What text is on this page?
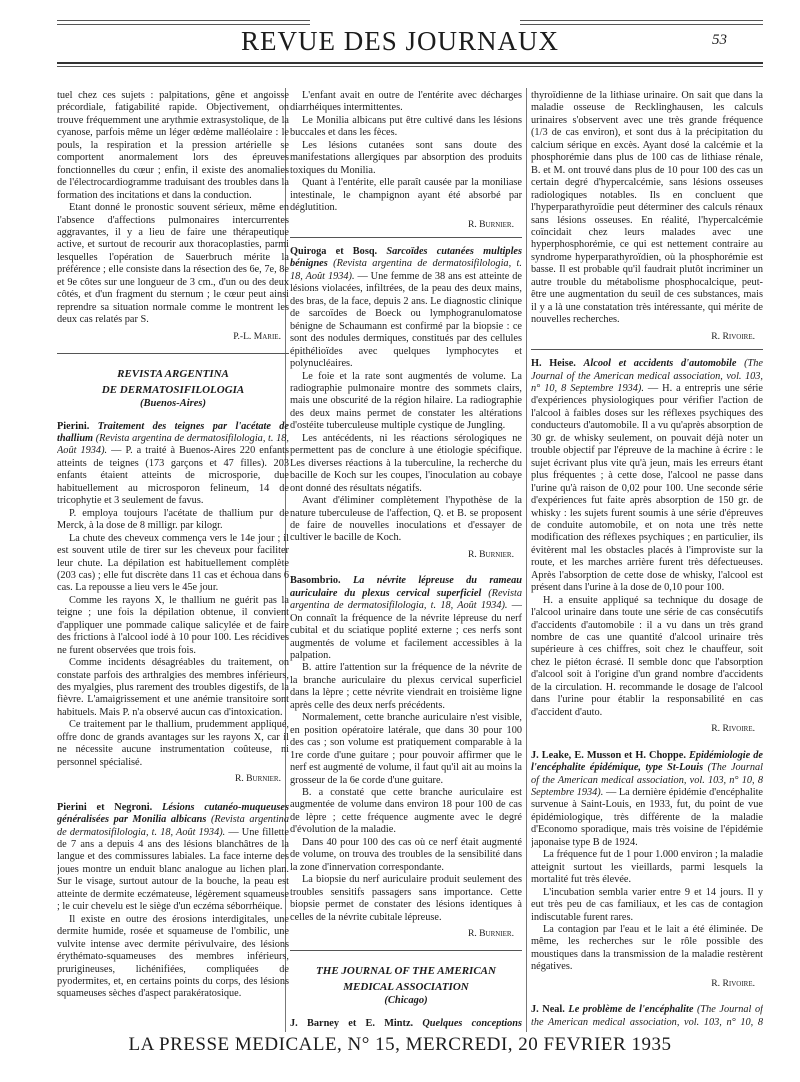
REVUE DES JOURNAUX	53

tuel chez ces sujets : palpitations, gêne et angoisse précordiale, fatigabilité rapide. Objectivement, on trouve fréquemment une arythmie extrasystolique, de la cyanose, parfois même un léger œdème malléolaire : le pouls, la respiration et la pression artérielle se comportent anormalement lors des épreuves fonctionnelles du cœur ; enfin, il existe des anomalies de l'électrocardiogramme traduisant des troubles dans la formation des incitations et dans la conduction.

Etant donné le pronostic souvent sérieux, même en l'absence d'affections pulmonaires intercurrentes aggravantes, il y a lieu de faire une thérapeutique active, et surtout de recourir aux thoracoplasties, parmi lesquelles l'opération de Sauerbruch mérite la préférence ; elle consiste dans la résection des 6e, 7e, 8e et 9e côtes sur une longueur de 3 cm., d'un ou des deux côtés, et d'un fragment du sternum ; le cœur peut ainsi reprendre sa situation normale comme le montrent les deux cas relatés par S.

P.-L. Marie.
REVISTA ARGENTINA
DE DERMATOSIFILOLOGIA
(Buenos-Aires)

Pierini. Traitement des teignes par l'acétate de thallium (Revista argentina de dermatosifilologia, t. 18, Août 1934). — P. a traité à Buenos-Aires 220 enfants atteints de teignes (173 garçons et 47 filles). 203 enfants étaient atteints de microsporie, due habituellement au microsporon felineum, 14 de tricophytie et 3 seulement de favus.

P. employa toujours l'acétate de thallium pur de Merck, à la dose de 8 milligr. par kilogr.

La chute des cheveux commença vers le 14e jour ; il est souvent utile de tirer sur les cheveux pour faciliter leur chute. La dépilation est habituellement complète (203 cas) ; elle fut discrète dans 11 cas et échoua dans 6 cas. La repousse a lieu vers le 45e jour.

Comme les rayons X, le thallium ne guérit pas la teigne ; une fois la dépilation obtenue, il convient d'appliquer une pommade calique salicylée et de faire des frictions à l'alcool iodé à 10 pour 100. Les récidives ne furent observées que trois fois.

Comme incidents désagréables du traitement, on constate parfois des arthralgies des membres inférieurs, des myalgies, plus rarement des troubles digestifs, de la fièvre. L'amaigrissement et une anémie transitoire sont habituels. Mais P. n'a observé aucun cas d'intoxication.

Ce traitement par le thallium, prudemment appliqué, offre donc de grands avantages sur les rayons X, car il ne nécessite aucune instrumentation coûteuse, ni personnel spécialisé.

R. Burnier.

Pierini et Negroni. Lésions cutanéo-muqueuses généralisées par Monilia albicans (Revista argentina de dermatosifilologia, t. 18, Août 1934). — Une fillette de 7 ans a depuis 4 ans des lésions blanchâtres de la langue et des commissures labiales. La face interne des joues montre un enduit blanc analogue au lichen plan. Sur le visage, surtout autour de la bouche, la peau est atteinte de dermite eczémateuse, légèrement squameuse ; le cuir chevelu est le siège d'un eczéma séborrhéique.

Il existe en outre des érosions interdigitales, une dermite humide, rosée et squameuse de l'ombilic, une vulvite intense avec dermite périvulvaire, des lésions érythémato-squameuses des membres inférieurs, prurigineuses, lichénifiées, compliquées de pyodermites, et, en certains points du corps, des lésions squameuses sèches d'aspect parakératosique.

L'enfant avait en outre de l'entérite avec décharges diarrhéiques intermittentes.

Le Monilia albicans put être cultivé dans les lésions buccales et dans les fèces.

Les lésions cutanées sont sans doute des manifestations allergiques par absorption des produits toxiques du Monilia.

Quant à l'entérite, elle paraît causée par la moniliase intestinale, le champignon ayant été absorbé par déglutition.

R. Burnier.

Quiroga et Bosq. Sarcoïdes cutanées multiples bénignes (Revista argentina de dermatosifilologia, t. 18, Août 1934). — Une femme de 38 ans est atteinte de lésions violacées, infiltrées, de la peau des deux mains, des bras, de la face, depuis 2 ans. Le diagnostic clinique de sarcoïdes de Boeck ou lymphogranulomatose bénigne de Schaumann est confirmé par la biopsie : ce sont des nodules dermiques, constitués par des cellules épithélioïdes avec quelques lymphocytes et polynucléaires.

Le foie et la rate sont augmentés de volume. La radiographie pulmonaire montre des sommets clairs, mais une obscurité de la région hilaire. La radiographie des deux mains permet de constater les altérations d'ostéite tuberculeuse multiple cystique de Jungling.

Les antécédents, ni les réactions sérologiques ne permettent pas de conclure à une étiologie spécifique. Les diverses réactions à la tuberculine, la recherche du bacille de Koch sur les coupes, l'inoculation au cobaye ont donné des résultats négatifs.

Avant d'éliminer complètement l'hypothèse de la nature tuberculeuse de l'affection, Q. et B. se proposent de faire de nouvelles inoculations et d'essayer de cultiver le bacille de Koch.

R. Burnier.

Basombrio. La névrite lépreuse du rameau auriculaire du plexus cervical superficiel (Revista argentina de dermatosifilologia, t. 18, Août 1934). — On connaît la fréquence de la névrite lépreuse du nerf cubital et du sciatique poplité externe ; ces nerfs sont augmentés de volume et facilement accessibles à la palpation.

B. attire l'attention sur la fréquence de la névrite de la branche auriculaire du plexus cervical superficiel dans la lèpre ; cette névrite viendrait en troisième ligne après celle des deux nerfs précédents.

Normalement, cette branche auriculaire n'est visible, en position opératoire latérale, que dans 30 pour 100 des cas ; son volume est pratiquement comparable à la 1re corde d'une guitare ; pour pouvoir affirmer que le nerf est augmenté de volume, il faut qu'il ait au moins la grosseur de la 6e corde d'une guitare.

B. a constaté que cette branche auriculaire est augmentée de volume dans environ 18 pour 100 de cas de lèpre ; cette fréquence augmente avec le degré d'évolution de la maladie.

Dans 40 pour 100 des cas où ce nerf était augmenté de volume, on trouva des troubles de la sensibilité dans la zone d'innervation correspondante.

La biopsie du nerf auriculaire produit seulement des troubles sensitifs passagers sans importance. Cette biopsie permet de constater des lésions identiques à celles de la névrite cubitale lépreuse.

R. Burnier.
THE JOURNAL OF THE AMERICAN
MEDICAL ASSOCIATION
(Chicago)

J. Barney et E. Mintz. Quelques conceptions

thyroïdienne de la lithiase urinaire. On sait que dans la maladie osseuse de Recklinghausen, les calculs urinaires s'observent avec une très grande fréquence (1/3 de cas environ), et sont dus à la précipitation du calcium sérique en excès. Ayant dosé la calcémie et la phosphorémie dans plus de 100 cas de lithiase rénale, B. et M. ont trouvé dans plus de 10 pour 100 des cas un certain degré d'hypercalcémie, sans lésions osseuses radiologiques notables. Ils en concluent que l'hyperparathyroïdie peut déterminer des calculs rénaux sans lésions osseuses. En réalité, l'hypercalcémie coïncidait chez leurs malades avec une hyperphosphorémie, ce qui est nettement contraire au syndrome hyperparathyroïdien, où la phosphorémie est basse. Il est probable qu'il faudrait plutôt incriminer un autre trouble du métabolisme phosphocalcique, peut-être une augmentation du seuil de ces substances, mais il y a là une constatation très intéressante, qui mérite de nouvelles recherches.

R. Rivoire.

H. Heise. Alcool et accidents d'automobile (The Journal of the American medical association, vol. 103, n° 10, 8 Septembre 1934). — H. a entrepris une série d'expériences physiologiques pour vérifier l'action de l'alcool à faibles doses sur les réflexes psychiques des conducteurs d'automobile. Il a vu qu'après absorption de 30 gr. de whisky seulement, on pouvait déjà noter un trouble objectif par l'épreuve de la machine à écrire : le sujet écrivant plus vite qu'à jeun, mais les erreurs étant plus fréquentes ; à cette dose, l'alcool ne passe dans l'urine qu'à raison de 0,02 pour 100. Une seconde série d'expériences fut faite après absorption de 150 gr. de whisky : les sujets furent soumis à une série d'épreuves de conduite automobile, et on nota une très nette modification des réflexes psychiques ; en particulier, ils évitèrent mal les obstacles placés à l'improviste sur la route, et les marches arrière furent très défectueuses. Après l'absorption de cette dose de whisky, l'alcool est présent dans l'urine à la dose de 0,10 pour 100.

H. a ensuite appliqué sa technique du dosage de l'alcool urinaire dans toute une série de cas consécutifs d'accidents d'automobile : il a vu dans un très grand nombre de cas une quantité d'alcool urinaire très supérieure à ces chiffres, soit chez le chauffeur, soit chez le piéton écrasé. Il semble donc que l'absorption d'alcool soit à l'origine d'un grand nombre d'accidents de la circulation. H. recommande le dosage de l'alcool dans l'urine pour établir la responsabilité en cas d'accident d'auto.

R. Rivoire.

J. Leake, E. Musson et H. Choppe. Epidémiologie de l'encéphalite épidémique, type St-Louis (The Journal of the American medical association, vol. 103, n° 10, 8 Septembre 1934). — La dernière épidémie d'encéphalite survenue à Saint-Louis, en 1933, fut, du point de vue épidémiologique, très différente de la maladie d'Economo sporadique, mais très voisine de l'épidémie japonaise type B de 1924.

La fréquence fut de 1 pour 1.000 environ ; la maladie atteignit surtout les vieillards, parmi lesquels la mortalité fut très élevée.

L'incubation sembla varier entre 9 et 14 jours. Il y eut très peu de cas familiaux, et les cas de contagion indiscutable furent rares.

La contagion par l'eau et le lait a été éliminée. De même, les recherches sur le rôle possible des moustiques dans la transmission de la maladie restèrent négatives.

R. Rivoire.

J. Neal. Le problème de l'encéphalite (The Journal of the American medical association, vol. 103, n° 10, 8

LA PRESSE MEDICALE, N° 15, MERCREDI, 20 FEVRIER 1935
